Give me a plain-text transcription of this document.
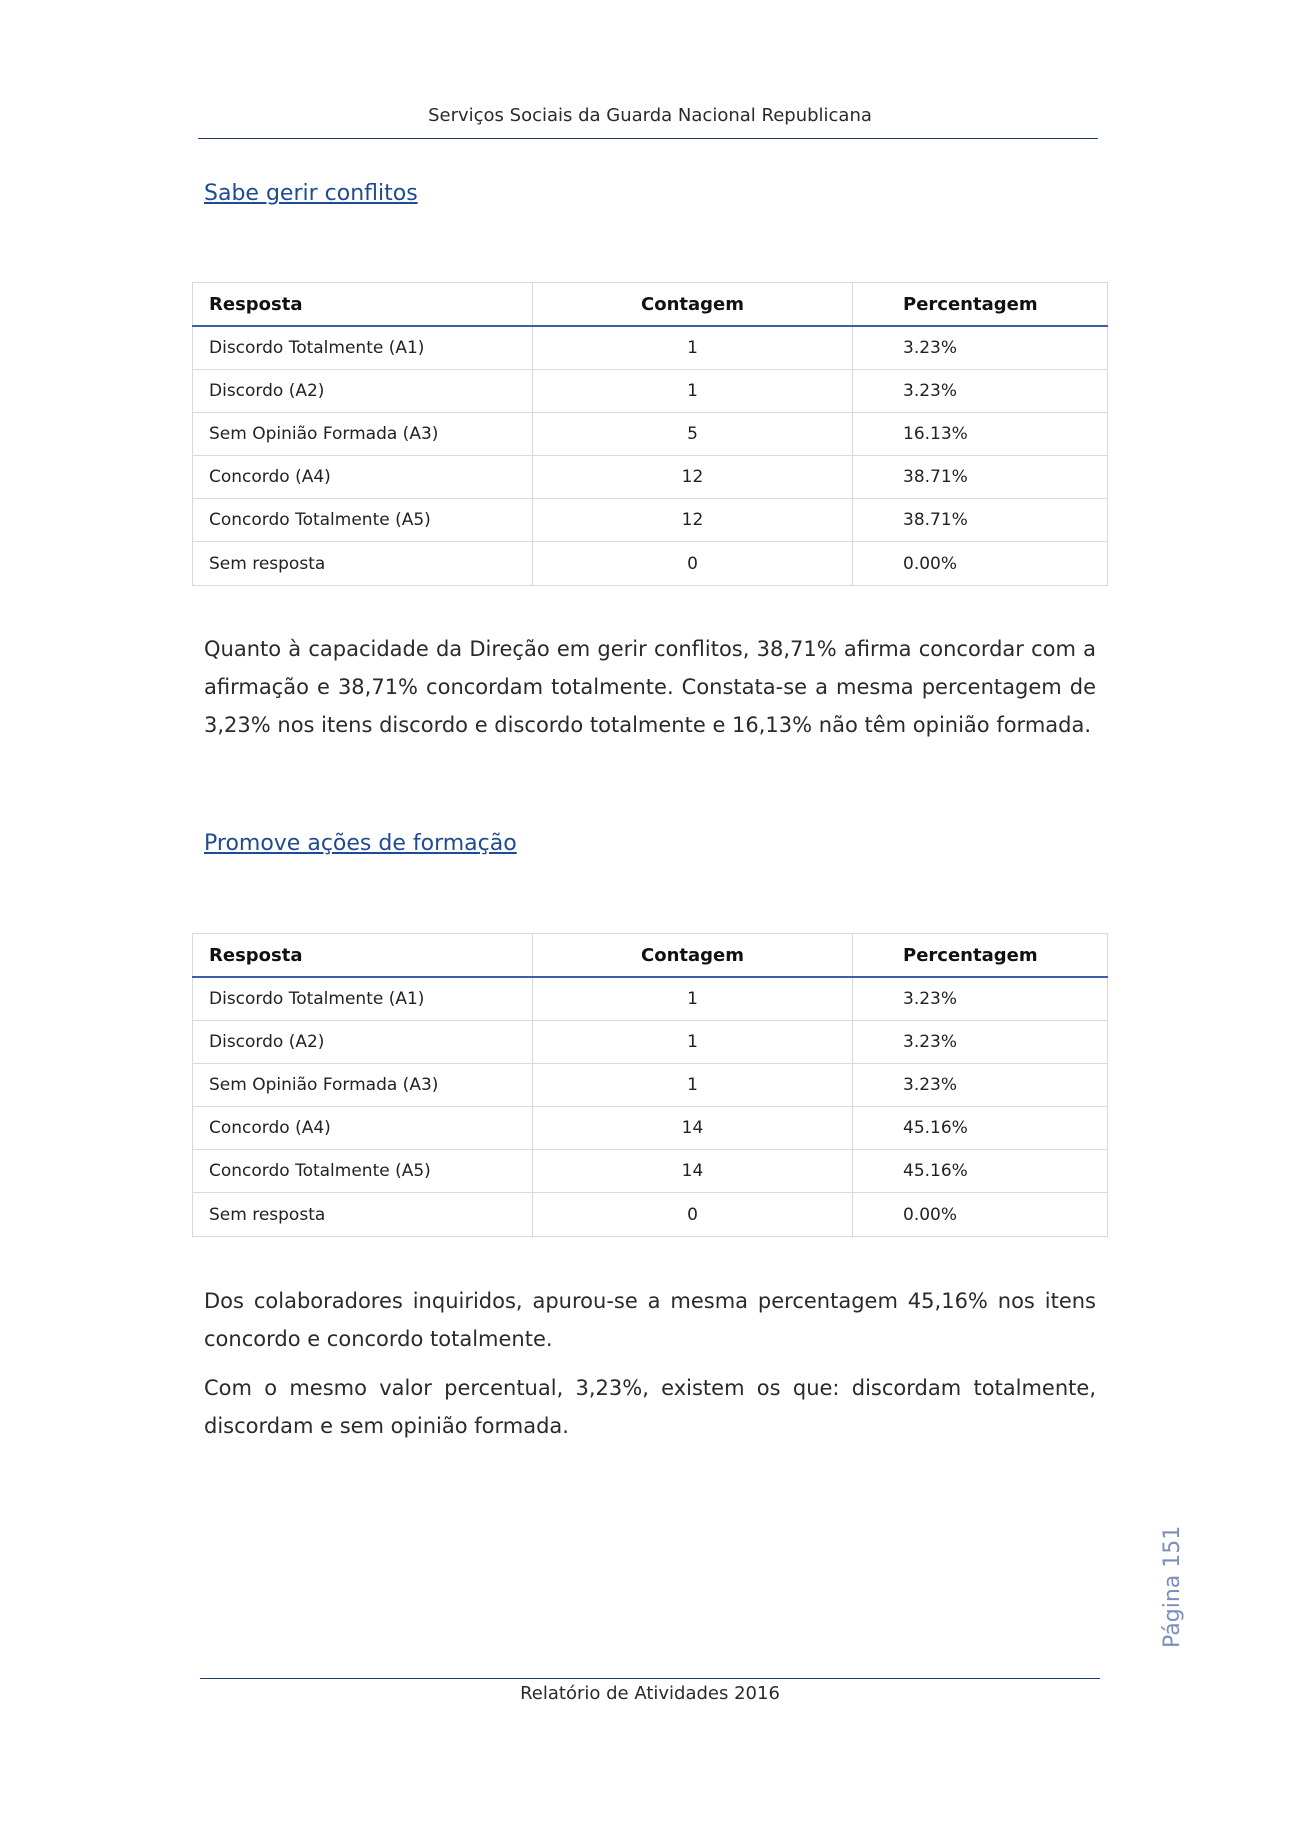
Serviços Sociais da Guarda Nacional Republicana
Sabe gerir conflitos
Resposta	Contagem	Percentagem
Discordo Totalmente (A1)	1	3.23%
Discordo (A2)	1	3.23%
Sem Opinião Formada (A3)	5	16.13%
Concordo (A4)	12	38.71%
Concordo Totalmente (A5)	12	38.71%
Sem resposta	0	0.00%
Quanto à capacidade da Direção em gerir conflitos, 38,71% afirma concordar com a afirmação e 38,71% concordam totalmente. Constata-se a mesma percentagem de 3,23% nos itens discordo e discordo totalmente e 16,13% não têm opinião formada.
Promove ações de formação
Resposta	Contagem	Percentagem
Discordo Totalmente (A1)	1	3.23%
Discordo (A2)	1	3.23%
Sem Opinião Formada (A3)	1	3.23%
Concordo (A4)	14	45.16%
Concordo Totalmente (A5)	14	45.16%
Sem resposta	0	0.00%
Dos colaboradores inquiridos, apurou-se a mesma percentagem 45,16% nos itens concordo e concordo totalmente.
Com o mesmo valor percentual, 3,23%, existem os que: discordam totalmente, discordam e sem opinião formada.
Página 151
Relatório de Atividades 2016
